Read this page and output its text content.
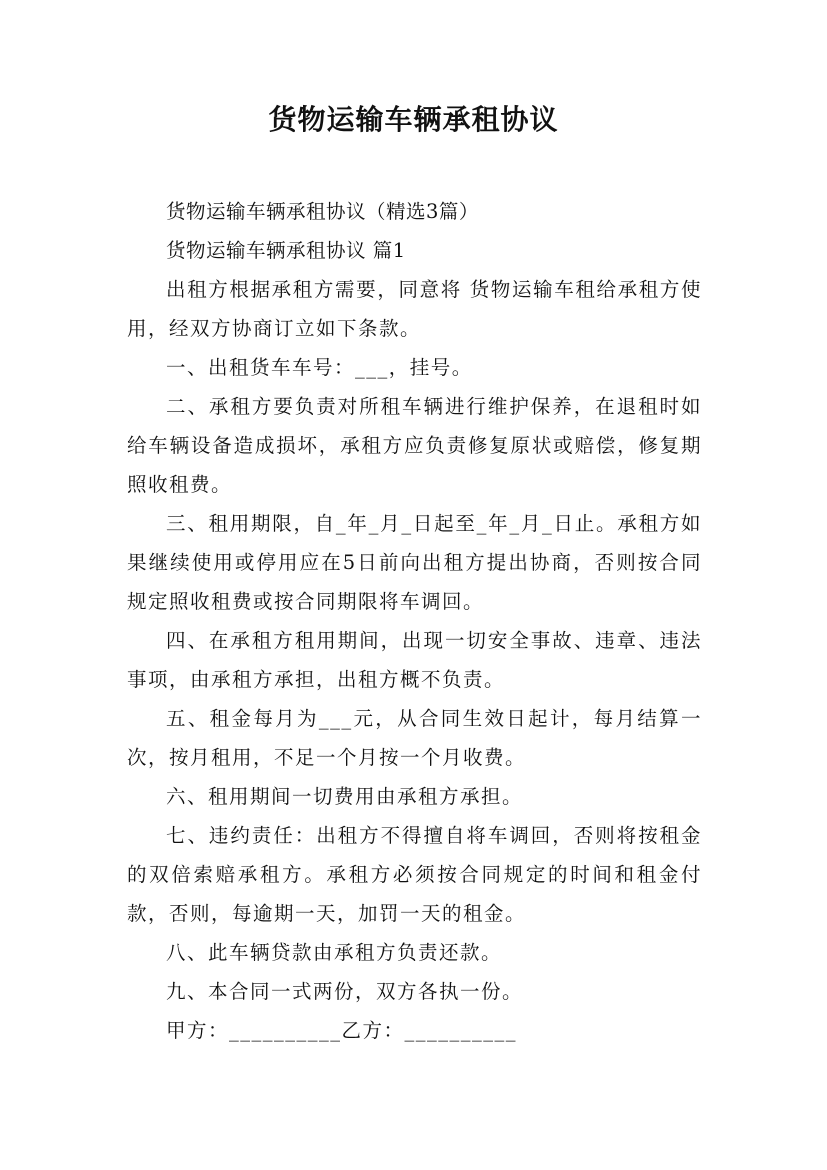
货物运输车辆承租协议

货物运输车辆承租协议（精选3篇）

货物运输车辆承租协议 篇1

出租方根据承租方需要，同意将 货物运输车租给承租方使用，经双方协商订立如下条款。

一、出租货车车号：___，挂号。

二、承租方要负责对所租车辆进行维护保养，在退租时如给车辆设备造成损坏，承租方应负责修复原状或赔偿，修复期照收租费。

三、租用期限，自_年_月_日起至_年_月_日止。承租方如果继续使用或停用应在5日前向出租方提出协商，否则按合同规定照收租费或按合同期限将车调回。

四、在承租方租用期间，出现一切安全事故、违章、违法事项，由承租方承担，出租方概不负责。

五、租金每月为___元，从合同生效日起计，每月结算一次，按月租用，不足一个月按一个月收费。

六、租用期间一切费用由承租方承担。

七、违约责任：出租方不得擅自将车调回，否则将按租金的双倍索赔承租方。承租方必须按合同规定的时间和租金付款，否则，每逾期一天，加罚一天的租金。

八、此车辆贷款由承租方负责还款。

九、本合同一式两份，双方各执一份。

甲方：__________乙方：__________
